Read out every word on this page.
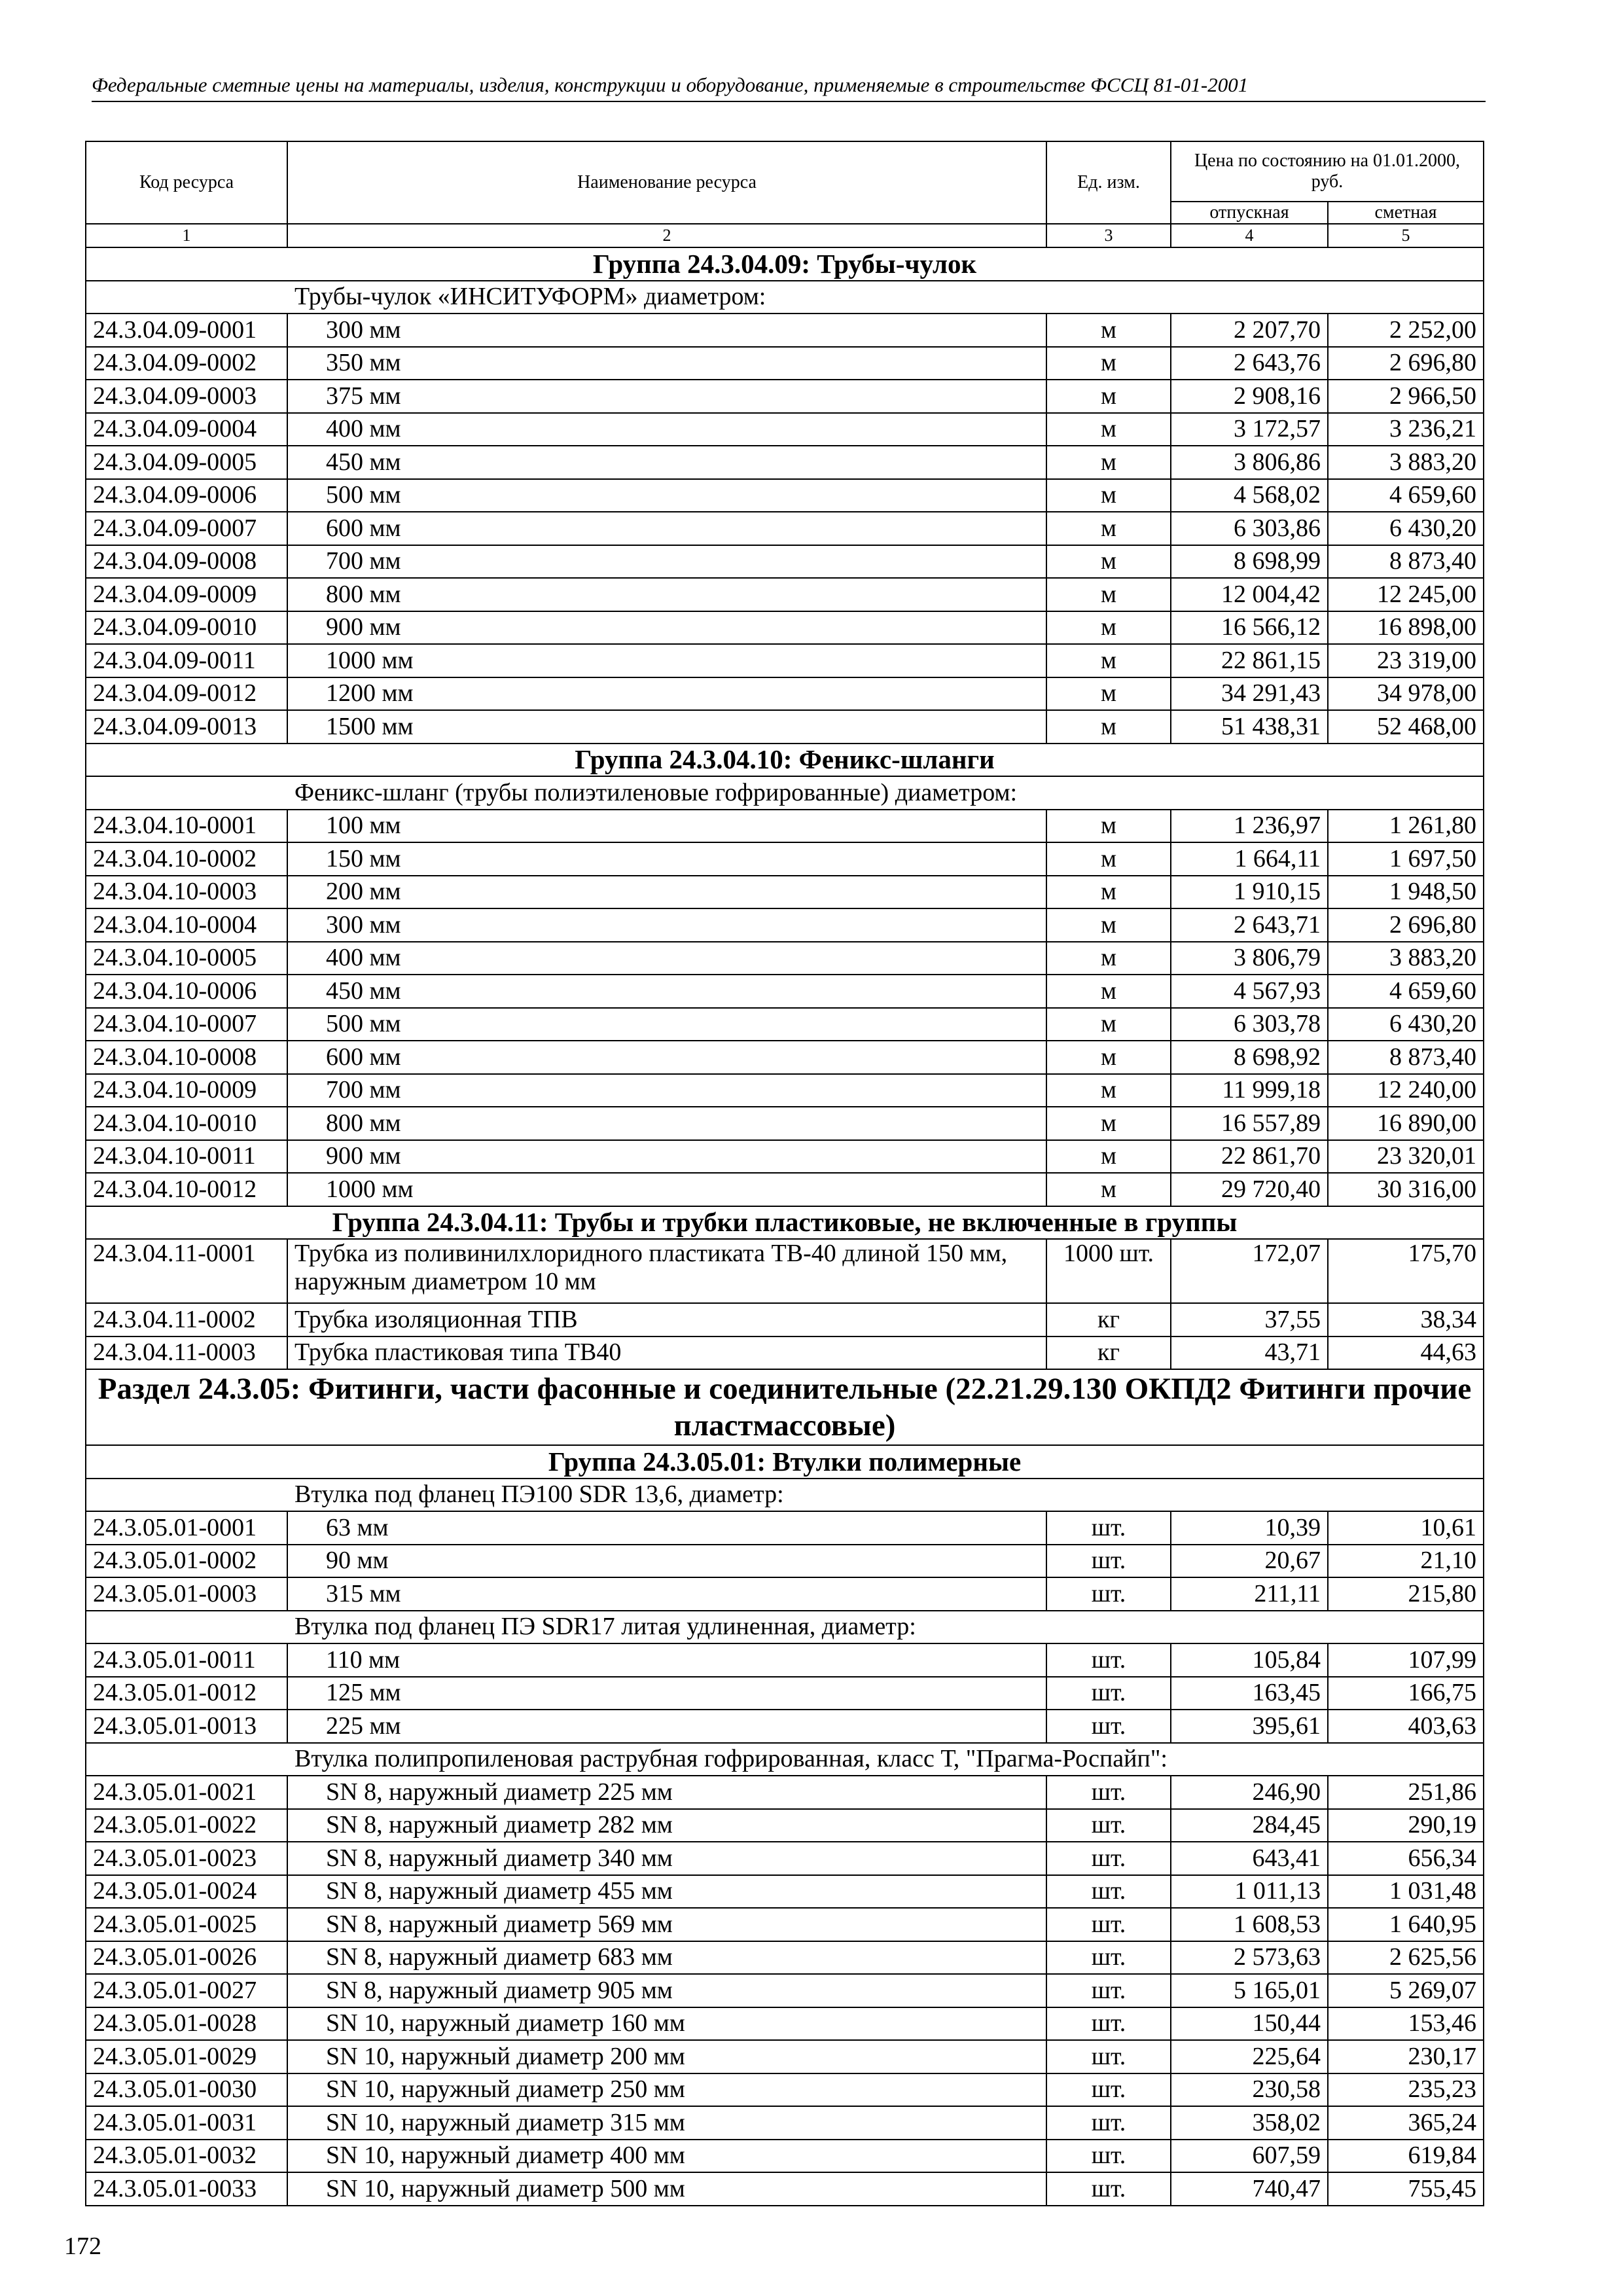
Федеральные сметные цены на материалы, изделия, конструкции и оборудование, применяемые в строительстве ФССЦ 81-01-2001
Код ресурса	Наименование ресурса	Ед. изм.	Цена по состоянию на 01.01.2000, руб.	
			отпускная	сметная
1	2	3	4	5
Группа 24.3.04.09: Трубы-чулок				
Трубы-чулок «ИНСИТУФОРМ» диаметром:				
24.3.04.09-0001	300 мм	м	2 207,70	2 252,00
24.3.04.09-0002	350 мм	м	2 643,76	2 696,80
24.3.04.09-0003	375 мм	м	2 908,16	2 966,50
24.3.04.09-0004	400 мм	м	3 172,57	3 236,21
24.3.04.09-0005	450 мм	м	3 806,86	3 883,20
24.3.04.09-0006	500 мм	м	4 568,02	4 659,60
24.3.04.09-0007	600 мм	м	6 303,86	6 430,20
24.3.04.09-0008	700 мм	м	8 698,99	8 873,40
24.3.04.09-0009	800 мм	м	12 004,42	12 245,00
24.3.04.09-0010	900 мм	м	16 566,12	16 898,00
24.3.04.09-0011	1000 мм	м	22 861,15	23 319,00
24.3.04.09-0012	1200 мм	м	34 291,43	34 978,00
24.3.04.09-0013	1500 мм	м	51 438,31	52 468,00
Группа 24.3.04.10: Феникс-шланги				
Феникс-шланг (трубы полиэтиленовые гофрированные) диаметром:				
24.3.04.10-0001	100 мм	м	1 236,97	1 261,80
24.3.04.10-0002	150 мм	м	1 664,11	1 697,50
24.3.04.10-0003	200 мм	м	1 910,15	1 948,50
24.3.04.10-0004	300 мм	м	2 643,71	2 696,80
24.3.04.10-0005	400 мм	м	3 806,79	3 883,20
24.3.04.10-0006	450 мм	м	4 567,93	4 659,60
24.3.04.10-0007	500 мм	м	6 303,78	6 430,20
24.3.04.10-0008	600 мм	м	8 698,92	8 873,40
24.3.04.10-0009	700 мм	м	11 999,18	12 240,00
24.3.04.10-0010	800 мм	м	16 557,89	16 890,00
24.3.04.10-0011	900 мм	м	22 861,70	23 320,01
24.3.04.10-0012	1000 мм	м	29 720,40	30 316,00
Группа 24.3.04.11: Трубы и трубки пластиковые, не включенные в группы				
24.3.04.11-0001	Трубка из поливинилхлоридного пластиката ТВ-40 длиной 150 мм, наружным диаметром 10 мм	1000 шт.	172,07	175,70
24.3.04.11-0002	Трубка изоляционная ТПВ	кг	37,55	38,34
24.3.04.11-0003	Трубка пластиковая типа ТВ40	кг	43,71	44,63
Раздел 24.3.05: Фитинги, части фасонные и соединительные (22.21.29.130 ОКПД2 Фитинги прочие пластмассовые)				
Группа 24.3.05.01: Втулки полимерные				
Втулка под фланец ПЭ100 SDR 13,6, диаметр:				
24.3.05.01-0001	63 мм	шт.	10,39	10,61
24.3.05.01-0002	90 мм	шт.	20,67	21,10
24.3.05.01-0003	315 мм	шт.	211,11	215,80
Втулка под фланец ПЭ SDR17 литая удлиненная, диаметр:				
24.3.05.01-0011	110 мм	шт.	105,84	107,99
24.3.05.01-0012	125 мм	шт.	163,45	166,75
24.3.05.01-0013	225 мм	шт.	395,61	403,63
Втулка полипропиленовая раструбная гофрированная, класс Т, "Прагма-Роспайп":				
24.3.05.01-0021	SN 8, наружный диаметр 225 мм	шт.	246,90	251,86
24.3.05.01-0022	SN 8, наружный диаметр 282 мм	шт.	284,45	290,19
24.3.05.01-0023	SN 8, наружный диаметр 340 мм	шт.	643,41	656,34
24.3.05.01-0024	SN 8, наружный диаметр 455 мм	шт.	1 011,13	1 031,48
24.3.05.01-0025	SN 8, наружный диаметр 569 мм	шт.	1 608,53	1 640,95
24.3.05.01-0026	SN 8, наружный диаметр 683 мм	шт.	2 573,63	2 625,56
24.3.05.01-0027	SN 8, наружный диаметр 905 мм	шт.	5 165,01	5 269,07
24.3.05.01-0028	SN 10, наружный диаметр 160 мм	шт.	150,44	153,46
24.3.05.01-0029	SN 10, наружный диаметр 200 мм	шт.	225,64	230,17
24.3.05.01-0030	SN 10, наружный диаметр 250 мм	шт.	230,58	235,23
24.3.05.01-0031	SN 10, наружный диаметр 315 мм	шт.	358,02	365,24
24.3.05.01-0032	SN 10, наружный диаметр 400 мм	шт.	607,59	619,84
24.3.05.01-0033	SN 10, наружный диаметр 500 мм	шт.	740,47	755,45
172
